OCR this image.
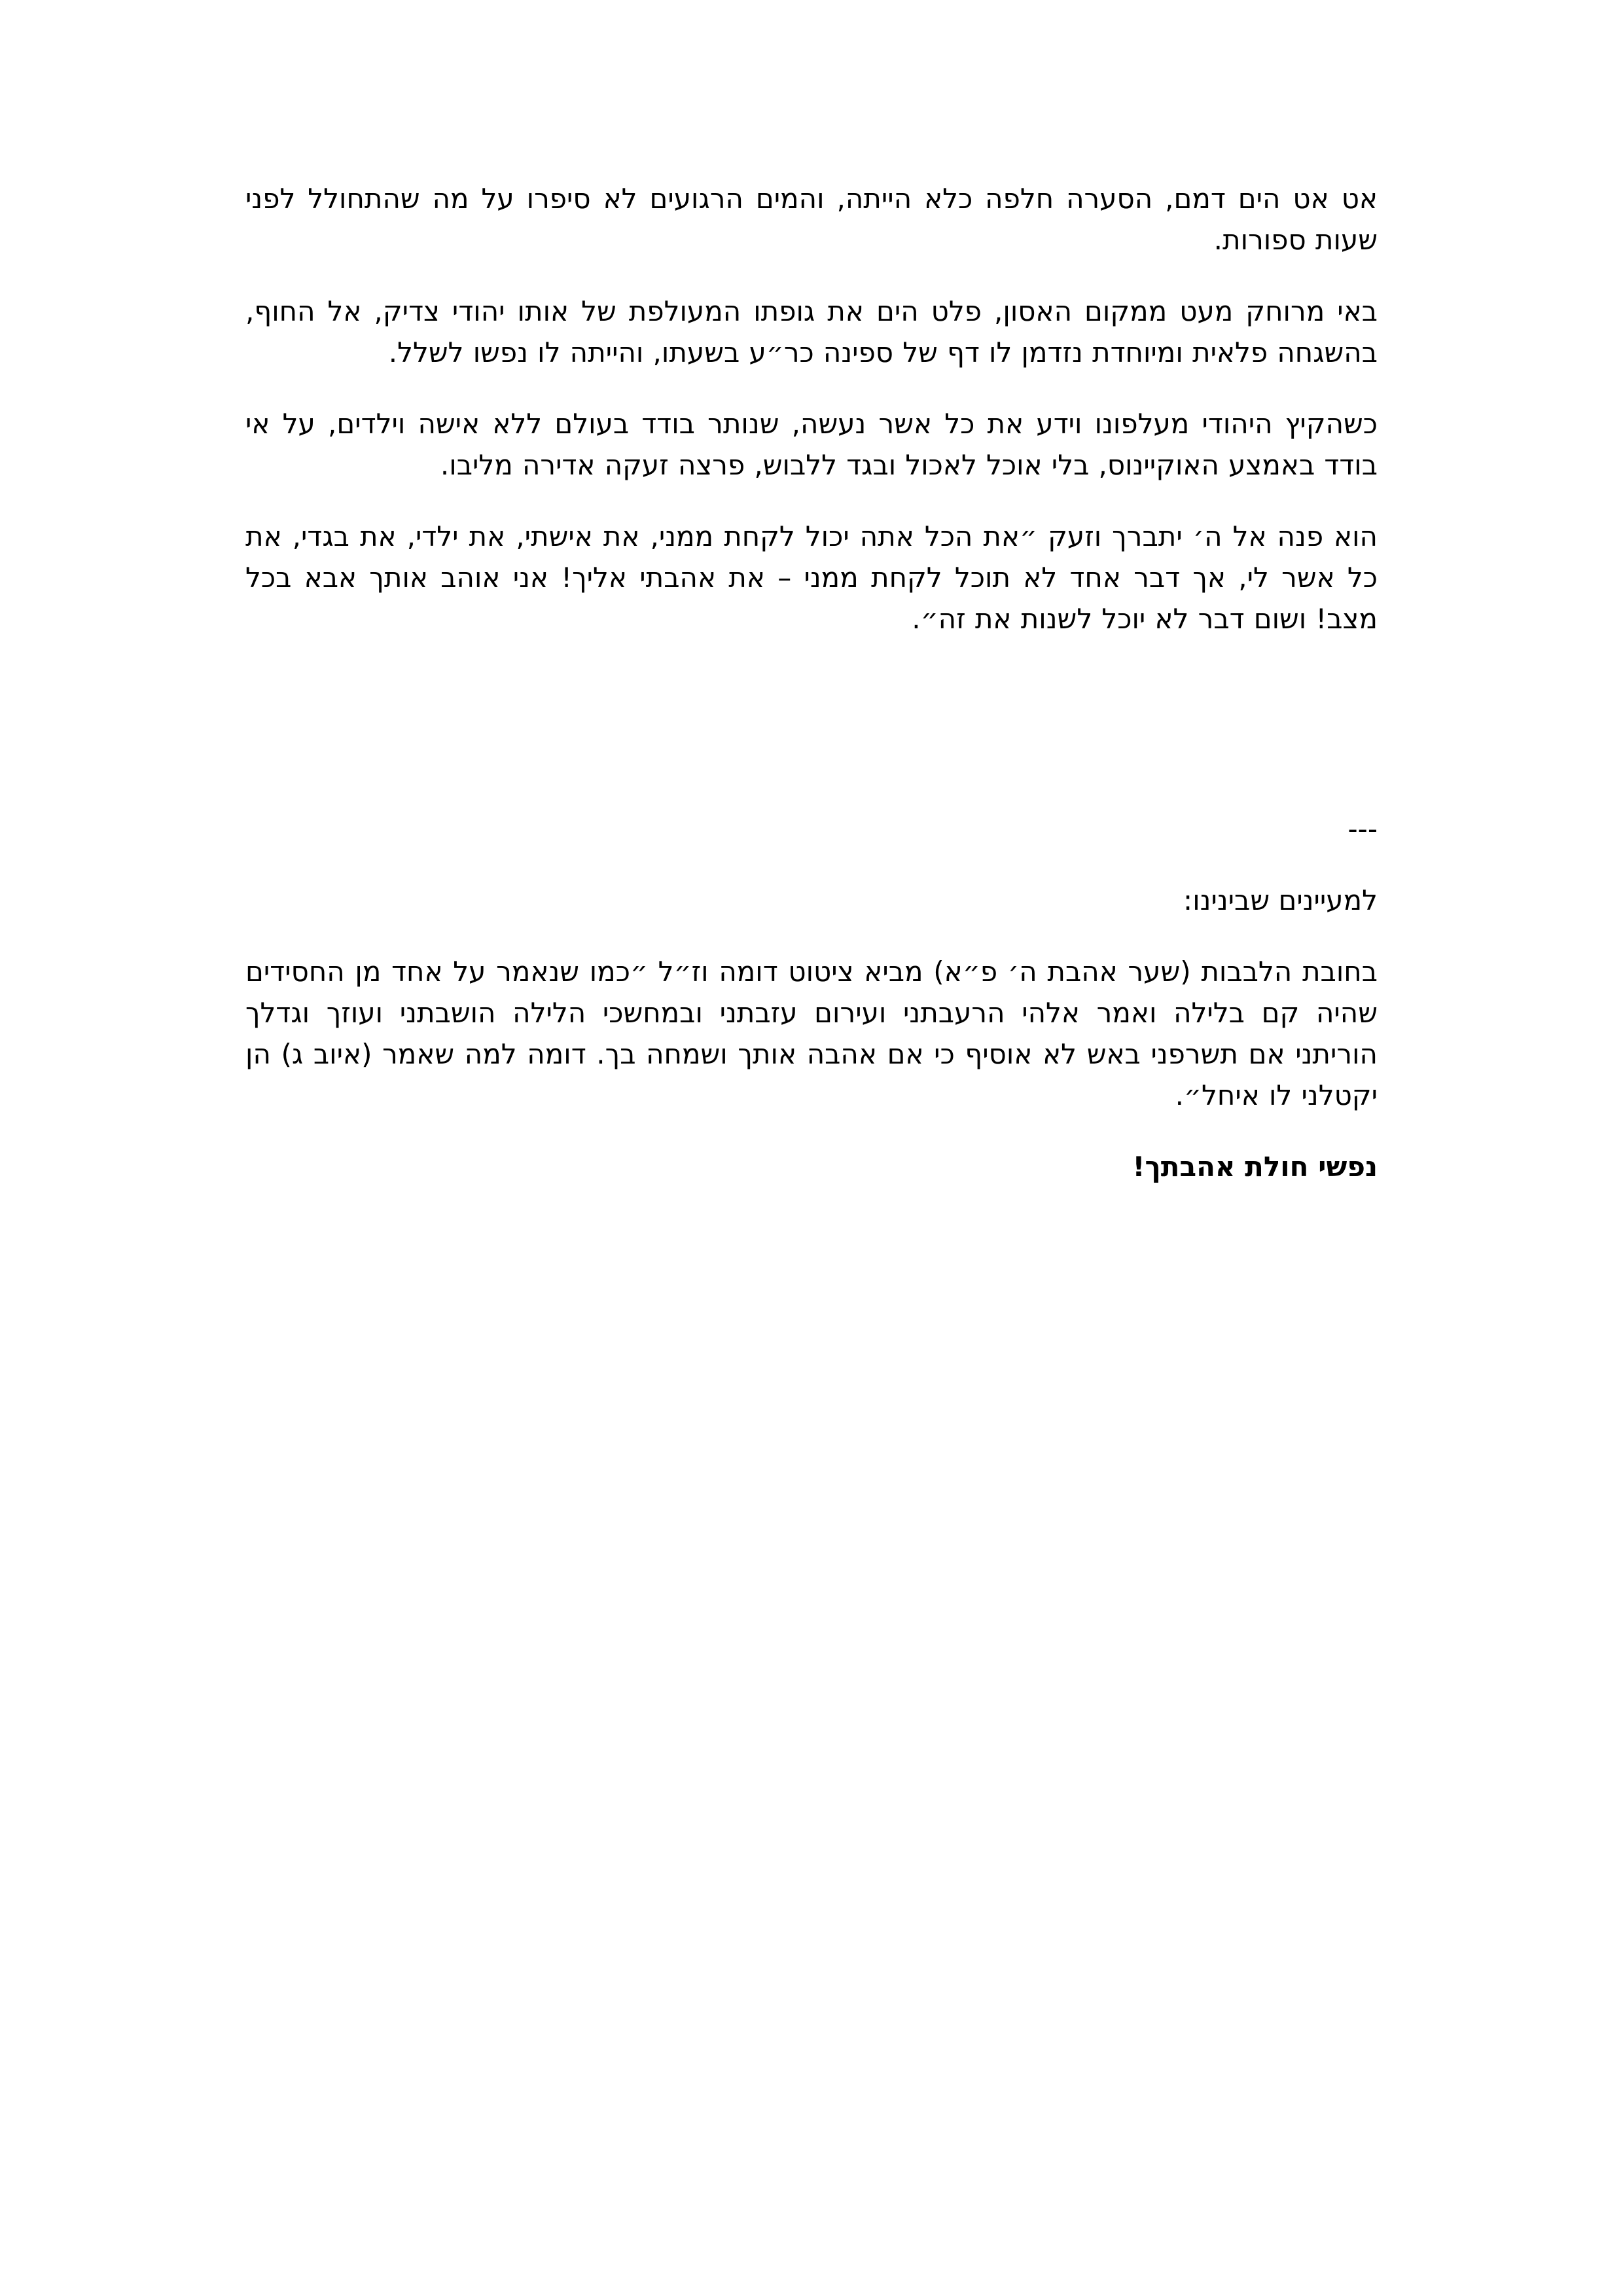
אט אט הים דמם, הסערה חלפה כלא הייתה, והמים הרגועים לא סיפרו על מה שהתחולל לפני שעות ספורות.

באי מרוחק מעט ממקום האסון, פלט הים את גופתו המעולפת של אותו יהודי צדיק, אל החוף, בהשגחה פלאית ומיוחדת נזדמן לו דף של ספינה כר״ע בשעתו, והייתה לו נפשו לשלל.

כשהקיץ היהודי מעלפונו וידע את כל אשר נעשה, שנותר בודד בעולם ללא אישה וילדים, על אי בודד באמצע האוקיינוס, בלי אוכל לאכול ובגד ללבוש, פרצה זעקה אדירה מליבו.

הוא פנה אל ה׳ יתברך וזעק ״את הכל אתה יכול לקחת ממני, את אישתי, את ילדי, את בגדי, את כל אשר לי, אך דבר אחד לא תוכל לקחת ממני – את אהבתי אליך! אני אוהב אותך אבא בכל מצב! ושום דבר לא יוכל לשנות את זה״.

---

למעיינים שבינינו:

בחובת הלבבות (שער אהבת ה׳ פ״א) מביא ציטוט דומה וז״ל ״כמו שנאמר על אחד מן החסידים שהיה קם בלילה ואמר אלהי הרעבתני ועירום עזבתני ובמחשכי הלילה הושבתני ועוזך וגדלך הוריתני אם תשרפני באש לא אוסיף כי אם אהבה אותך ושמחה בך. דומה למה שאמר (איוב ג) הן יקטלני לו איחל״.

נפשי חולת אהבתך!
